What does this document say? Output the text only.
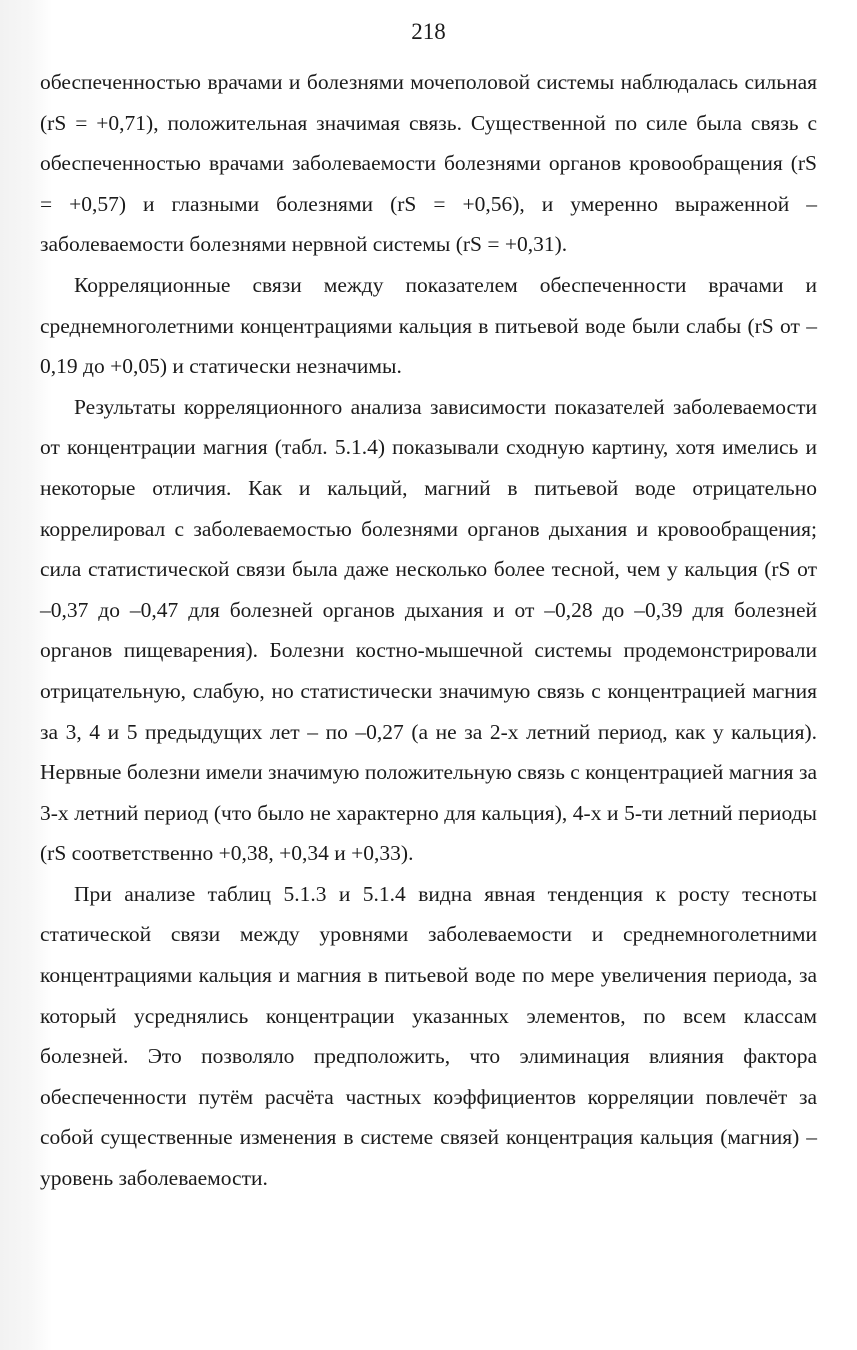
218

обеспеченностью врачами и болезнями мочеполовой системы наблюдалась сильная (rS = +0,71), положительная значимая связь. Существенной по силе была связь с обеспеченностью врачами заболеваемости болезнями органов кровообращения (rS = +0,57) и глазными болезнями (rS = +0,56), и умеренно выраженной – заболеваемости болезнями нервной системы (rS = +0,31).

Корреляционные связи между показателем обеспеченности врачами и среднемноголетними концентрациями кальция в питьевой воде были слабы (rS от –0,19 до +0,05) и статически незначимы.

Результаты корреляционного анализа зависимости показателей заболеваемости от концентрации магния (табл. 5.1.4) показывали сходную картину, хотя имелись и некоторые отличия. Как и кальций, магний в питьевой воде отрицательно коррелировал с заболеваемостью болезнями органов дыхания и кровообращения; сила статистической связи была даже несколько более тесной, чем у кальция (rS от –0,37 до –0,47 для болезней органов дыхания и от –0,28 до –0,39 для болезней органов пищеварения). Болезни костно-мышечной системы продемонстрировали отрицательную, слабую, но статистически значимую связь с концентрацией магния за 3, 4 и 5 предыдущих лет – по –0,27 (а не за 2-х летний период, как у кальция). Нервные болезни имели значимую положительную связь с концентрацией магния за 3-х летний период (что было не характерно для кальция), 4-х и 5-ти летний периоды (rS соответственно +0,38, +0,34 и +0,33).

При анализе таблиц 5.1.3 и 5.1.4 видна явная тенденция к росту тесноты статической связи между уровнями заболеваемости и среднемноголетними концентрациями кальция и магния в питьевой воде по мере увеличения периода, за который усреднялись концентрации указанных элементов, по всем классам болезней. Это позволяло предположить, что элиминация влияния фактора обеспеченности путём расчёта частных коэффициентов корреляции повлечёт за собой существенные изменения в системе связей концентрация кальция (магния) – уровень заболеваемости.
